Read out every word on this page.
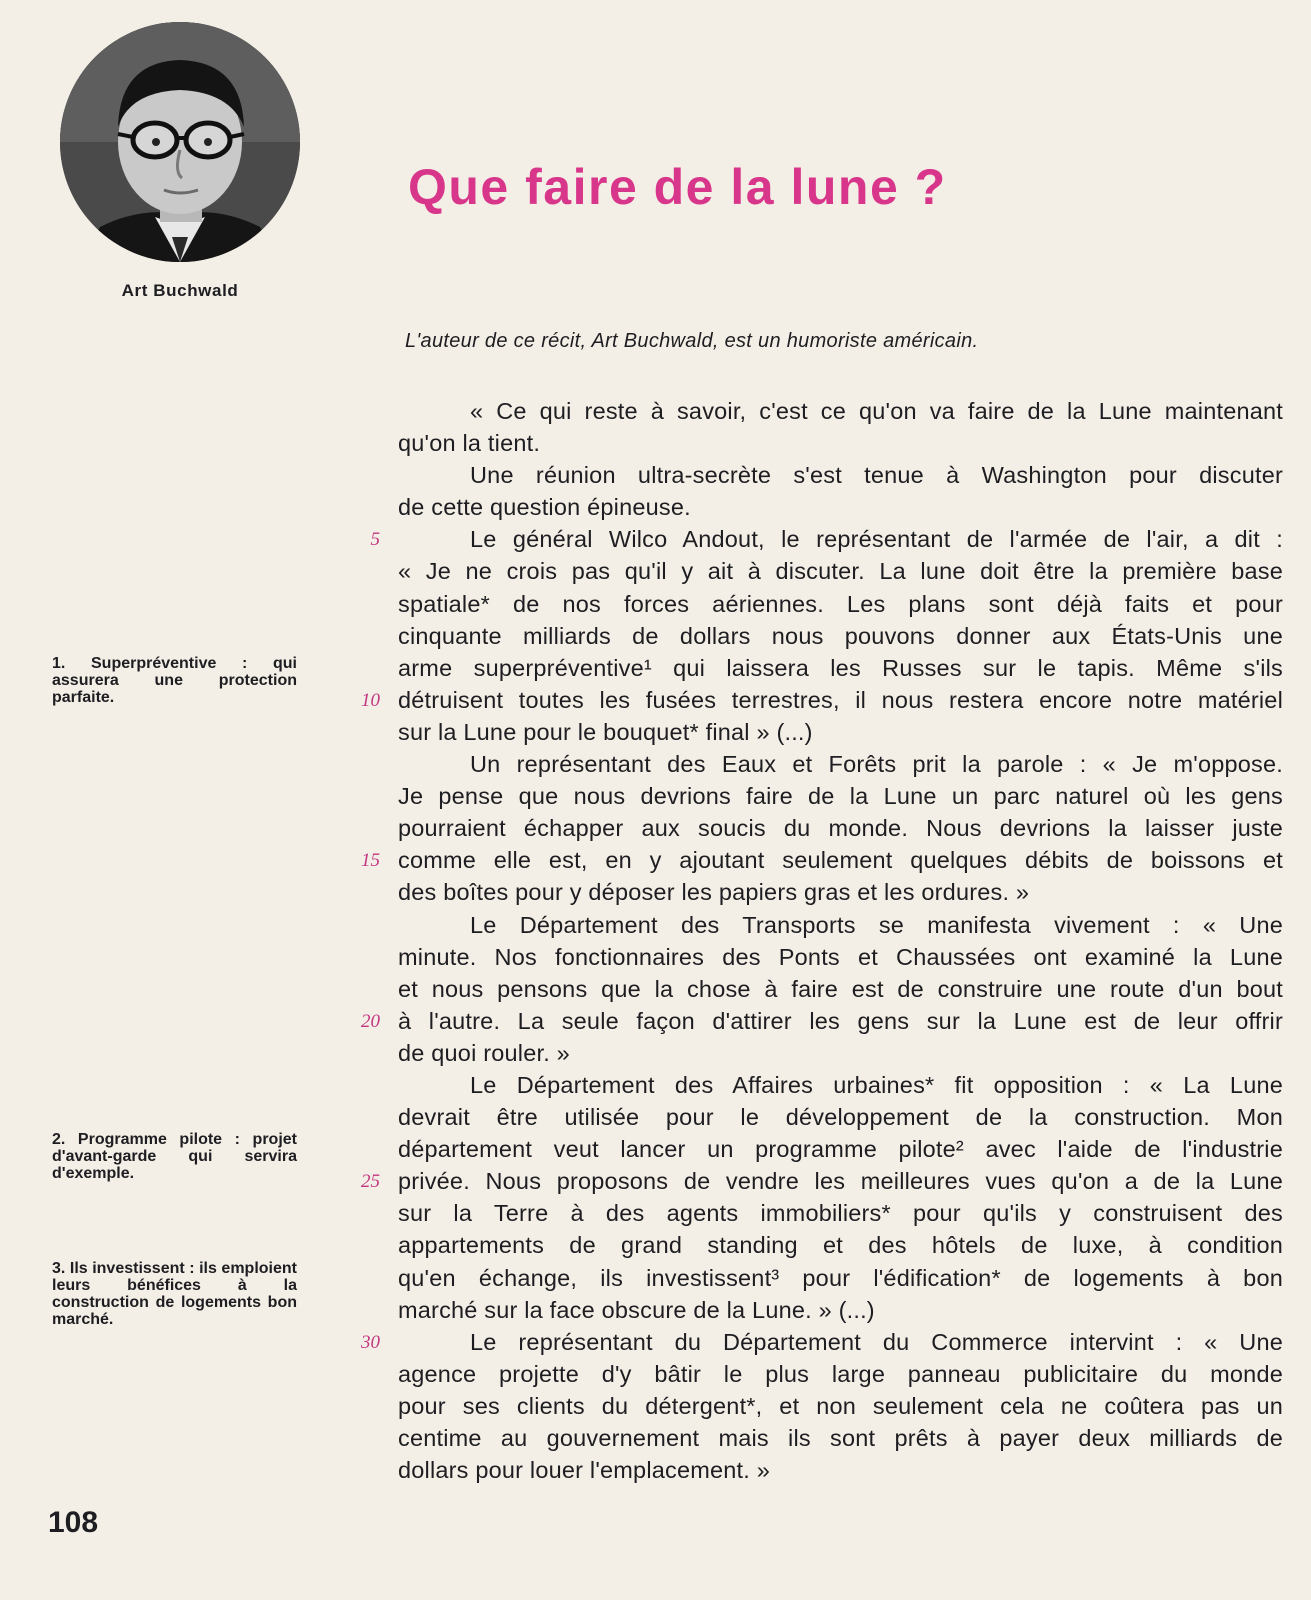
Art Buchwald
Que faire de la lune ?

L'auteur de ce récit, Art Buchwald, est un humoriste américain.

« Ce qui reste à savoir, c'est ce qu'on va faire de la Lune maintenant
qu'on la tient.
Une réunion ultra-secrète s'est tenue à Washington pour discuter
de cette question épineuse.
Le général Wilco Andout, le représentant de l'armée de l'air, a dit :
« Je ne crois pas qu'il y ait à discuter. La lune doit être la première base
spatiale* de nos forces aériennes. Les plans sont déjà faits et pour
cinquante milliards de dollars nous pouvons donner aux États-Unis une
arme superpréventive¹ qui laissera les Russes sur le tapis. Même s'ils
détruisent toutes les fusées terrestres, il nous restera encore notre matériel
sur la Lune pour le bouquet* final » (...)
Un représentant des Eaux et Forêts prit la parole : « Je m'oppose.
Je pense que nous devrions faire de la Lune un parc naturel où les gens
pourraient échapper aux soucis du monde. Nous devrions la laisser juste
comme elle est, en y ajoutant seulement quelques débits de boissons et
des boîtes pour y déposer les papiers gras et les ordures. »
Le Département des Transports se manifesta vivement : « Une
minute. Nos fonctionnaires des Ponts et Chaussées ont examiné la Lune
et nous pensons que la chose à faire est de construire une route d'un bout
à l'autre. La seule façon d'attirer les gens sur la Lune est de leur offrir
de quoi rouler. »
Le Département des Affaires urbaines* fit opposition : « La Lune
devrait être utilisée pour le développement de la construction. Mon
département veut lancer un programme pilote² avec l'aide de l'industrie
privée. Nous proposons de vendre les meilleures vues qu'on a de la Lune
sur la Terre à des agents immobiliers* pour qu'ils y construisent des
appartements de grand standing et des hôtels de luxe, à condition
qu'en échange, ils investissent³ pour l'édification* de logements à bon
marché sur la face obscure de la Lune. » (...)
Le représentant du Département du Commerce intervint : « Une
agence projette d'y bâtir le plus large panneau publicitaire du monde
pour ses clients du détergent*, et non seulement cela ne coûtera pas un
centime au gouvernement mais ils sont prêts à payer deux milliards de
dollars pour louer l'emplacement. »
5
10
15
20
25
30
1. Superpréventive : qui assurera une protection parfaite.
2. Programme pilote : projet d'avant-garde qui servira d'exemple.
3. Ils investissent : ils emploient leurs bénéfices à la construction de logements bon marché.

108
